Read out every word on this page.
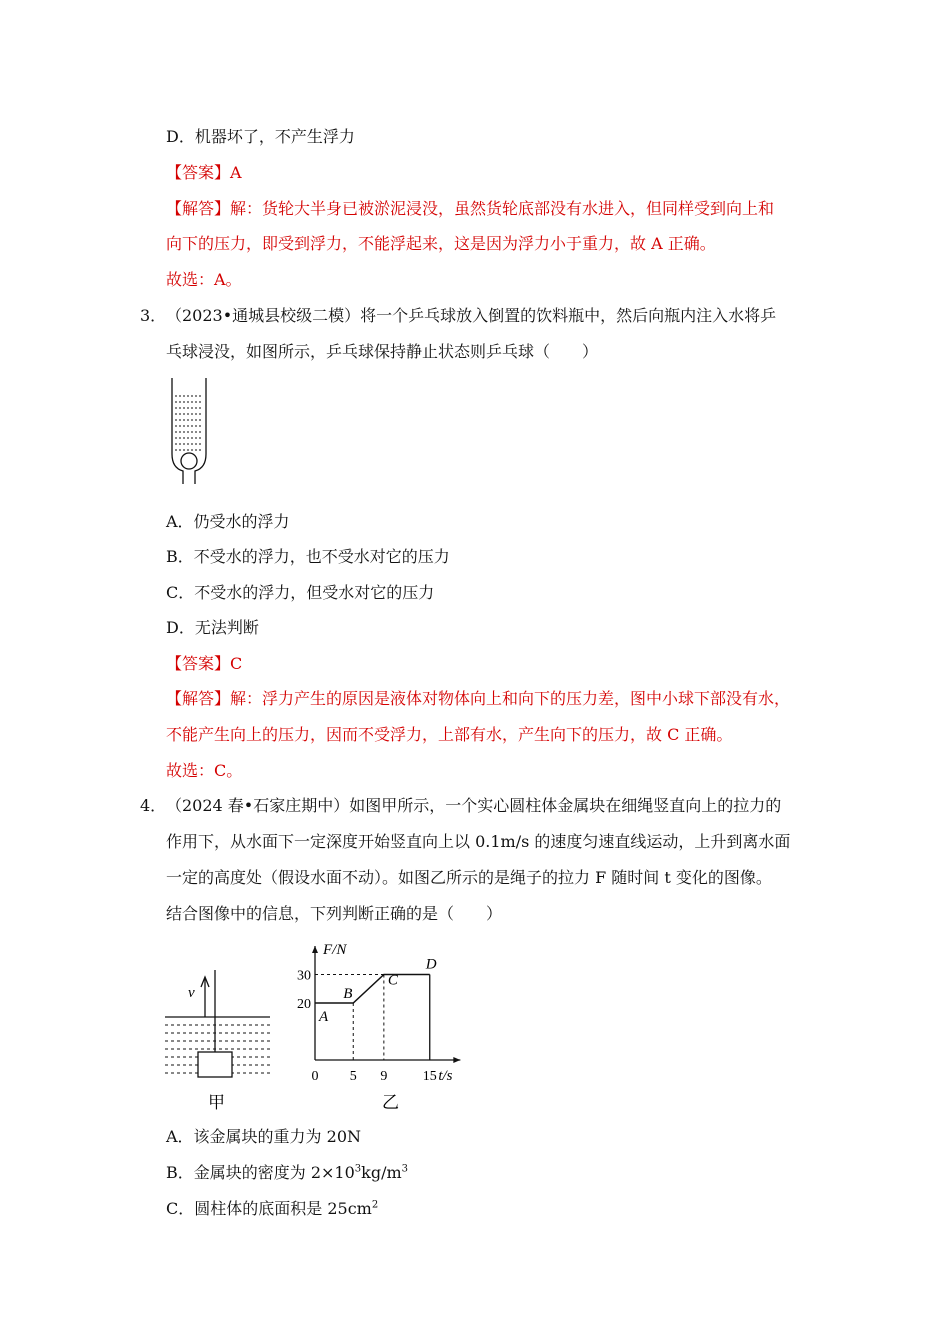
D．机器坏了，不产生浮力
【答案】A
【解答】解：货轮大半身已被淤泥浸没，虽然货轮底部没有水进入，但同样受到向上和
向下的压力，即受到浮力，不能浮起来，这是因为浮力小于重力，故 A 正确。
故选：A。
3． （2023•通城县校级二模）将一个乒乓球放入倒置的饮料瓶中，然后向瓶内注入水将乒
乓球浸没，如图所示，乒乓球保持静止状态则乒乓球（　　）
A．仍受水的浮力
B．不受水的浮力，也不受水对它的压力
C．不受水的浮力，但受水对它的压力
D．无法判断
【答案】C
【解答】解：浮力产生的原因是液体对物体向上和向下的压力差，图中小球下部没有水，
不能产生向上的压力，因而不受浮力，上部有水，产生向下的压力，故 C 正确。
故选：C。
4． （2024 春•石家庄期中）如图甲所示，一个实心圆柱体金属块在细绳竖直向上的拉力的
作用下，从水面下一定深度开始竖直向上以 0.1m/s 的速度匀速直线运动，上升到离水面
一定的高度处（假设水面不动）。如图乙所示的是绳子的拉力 F 随时间 t 变化的图像。
结合图像中的信息，下列判断正确的是（　　）
v
甲
F/N
t/s
0 5 9	15
20
30
A
B
C
D
乙
A．该金属块的重力为 20N
B．金属块的密度为 $2\times 10^3kg/m^3$
C．圆柱体的底面积是 $25cm^2$
